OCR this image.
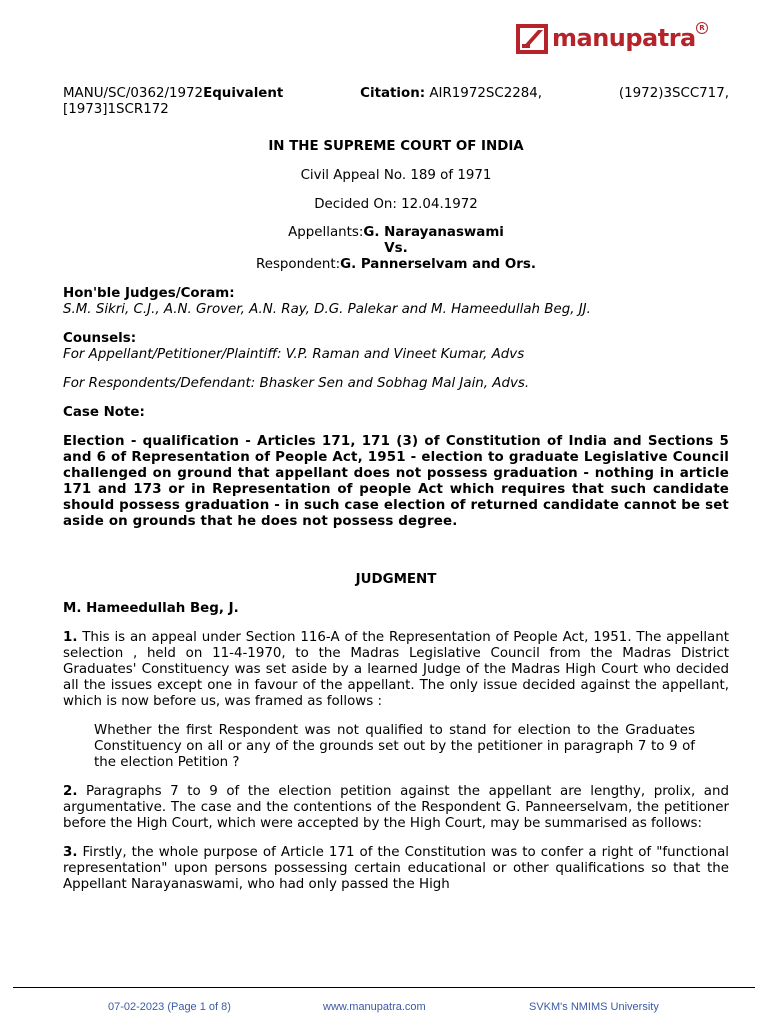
manupatra R
MANU/SC/0362/1972Equivalent	Citation: AIR1972SC2284,	(1972)3SCC717,
[1973]1SCR172

IN THE SUPREME COURT OF INDIA

Civil Appeal No. 189 of 1971

Decided On: 12.04.1972

Appellants:G. Narayanaswami

Vs.

Respondent:G. Pannerselvam and Ors.

Hon'ble Judges/Coram:

S.M. Sikri, C.J., A.N. Grover, A.N. Ray, D.G. Palekar and M. Hameedullah Beg, JJ.

Counsels:

For Appellant/Petitioner/Plaintiff: V.P. Raman and Vineet Kumar, Advs

For Respondents/Defendant: Bhasker Sen and Sobhag Mal Jain, Advs.

Case Note:

Election - qualification - Articles 171, 171 (3) of Constitution of India and Sections 5 and 6 of Representation of People Act, 1951 - election to graduate Legislative Council challenged on ground that appellant does not possess graduation - nothing in article 171 and 173 or in Representation of people Act which requires that such candidate should possess graduation - in such case election of returned candidate cannot be set aside on grounds that he does not possess degree.

JUDGMENT

M. Hameedullah Beg, J.

1. This is an appeal under Section 116-A of the Representation of People Act, 1951. The appellant selection , held on 11-4-1970, to the Madras Legislative Council from the Madras District Graduates' Constituency was set aside by a learned Judge of the Madras High Court who decided all the issues except one in favour of the appellant. The only issue decided against the appellant, which is now before us, was framed as follows :

Whether the first Respondent was not qualified to stand for election to the Graduates Constituency on all or any of the grounds set out by the petitioner in paragraph 7 to 9 of the election Petition ?

2. Paragraphs 7 to 9 of the election petition against the appellant are lengthy, prolix, and argumentative. The case and the contentions of the Respondent G. Panneerselvam, the petitioner before the High Court, which were accepted by the High Court, may be summarised as follows:

3. Firstly, the whole purpose of Article 171 of the Constitution was to confer a right of "functional representation" upon persons possessing certain educational or other qualifications so that the Appellant Narayanaswami, who had only passed the High

07-02-2023 (Page 1 of 8)	www.manupatra.com	SVKM's NMIMS University
